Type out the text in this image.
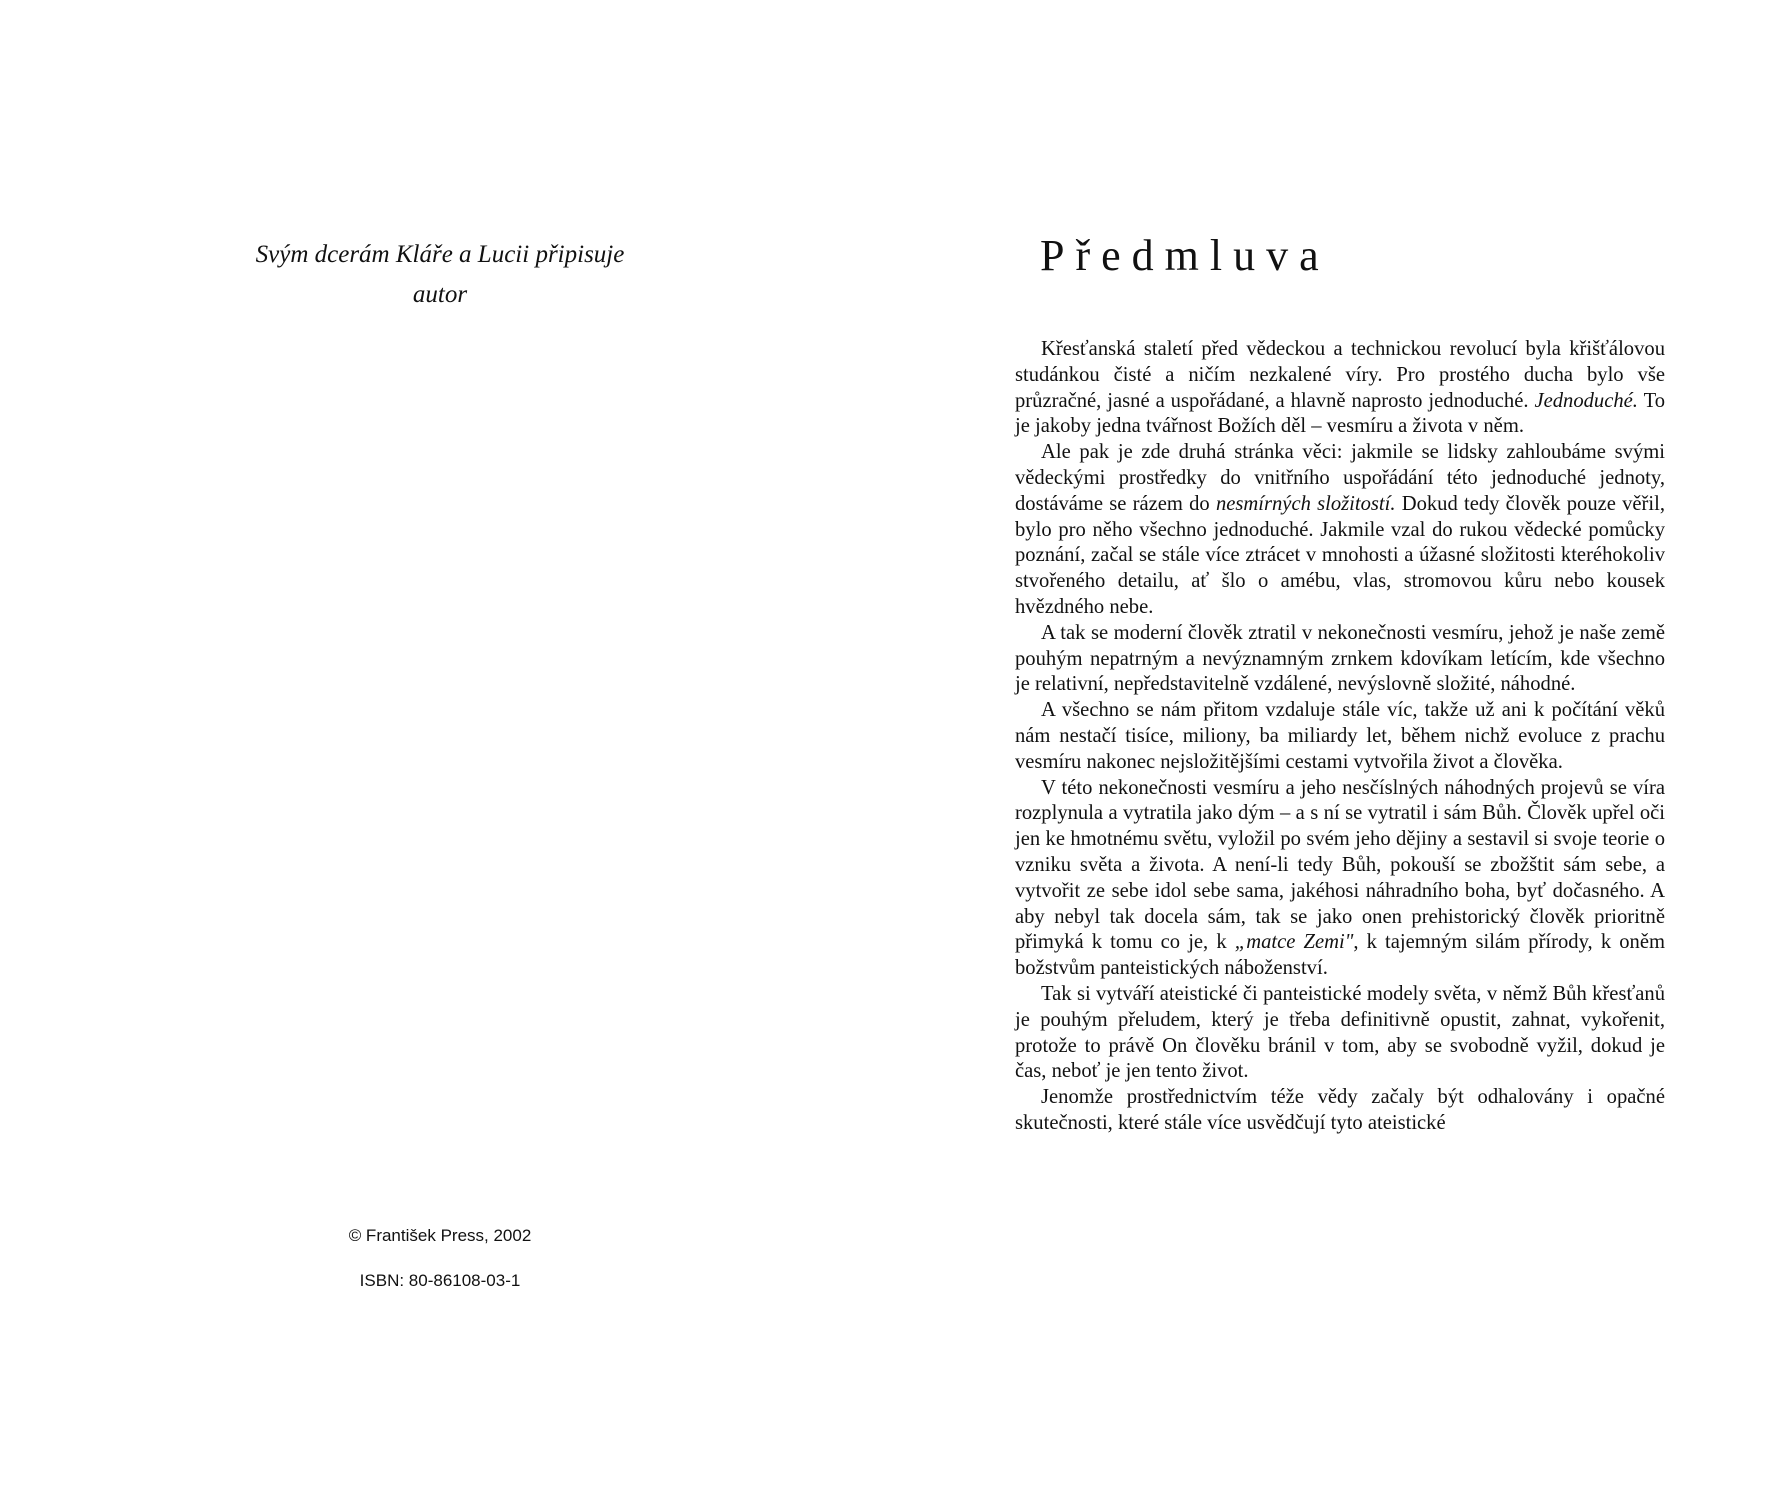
Svým dcerám Kláře a Lucii připisuje
autor
© František Press, 2002
ISBN: 80-86108-03-1
Předmluva

Křesťanská staletí před vědeckou a technickou revolucí byla křišťálovou studánkou čisté a ničím nezkalené víry. Pro prostého ducha bylo vše průzračné, jasné a uspořádané, a hlavně naprosto jednoduché. Jednoduché. To je jakoby jedna tvářnost Božích děl – vesmíru a života v něm.

Ale pak je zde druhá stránka věci: jakmile se lidsky zahloubáme svými vědeckými prostředky do vnitřního uspořádání této jednoduché jednoty, dostáváme se rázem do nesmírných složitostí. Dokud tedy člověk pouze věřil, bylo pro něho všechno jednoduché. Jakmile vzal do rukou vědecké pomůcky poznání, začal se stále více ztrácet v mnohosti a úžasné složitosti kteréhokoliv stvořeného detailu, ať šlo o amébu, vlas, stromovou kůru nebo kousek hvězdného nebe.

A tak se moderní člověk ztratil v nekonečnosti vesmíru, jehož je naše země pouhým nepatrným a nevýznamným zrnkem kdovíkam letícím, kde všechno je relativní, nepředstavitelně vzdálené, nevýslovně složité, náhodné.

A všechno se nám přitom vzdaluje stále víc, takže už ani k počítání věků nám nestačí tisíce, miliony, ba miliardy let, během nichž evoluce z prachu vesmíru nakonec nejsložitějšími cestami vytvořila život a člověka.

V této nekonečnosti vesmíru a jeho nesčíslných náhodných projevů se víra rozplynula a vytratila jako dým – a s ní se vytratil i sám Bůh. Člověk upřel oči jen ke hmotnému světu, vyložil po svém jeho dějiny a sestavil si svoje teorie o vzniku světa a života. A není-li tedy Bůh, pokouší se zbožštit sám sebe, a vytvořit ze sebe idol sebe sama, jakéhosi náhradního boha, byť dočasného. A aby nebyl tak docela sám, tak se jako onen prehistorický člověk prioritně přimyká k tomu co je, k „matce Zemi", k tajemným silám přírody, k oněm božstvům panteistických náboženství.

Tak si vytváří ateistické či panteistické modely světa, v němž Bůh křesťanů je pouhým přeludem, který je třeba definitivně opustit, zahnat, vykořenit, protože to právě On člověku bránil v tom, aby se svobodně vyžil, dokud je čas, neboť je jen tento život.

Jenomže prostřednictvím téže vědy začaly být odhalovány i opačné skutečnosti, které stále více usvědčují tyto ateistické
